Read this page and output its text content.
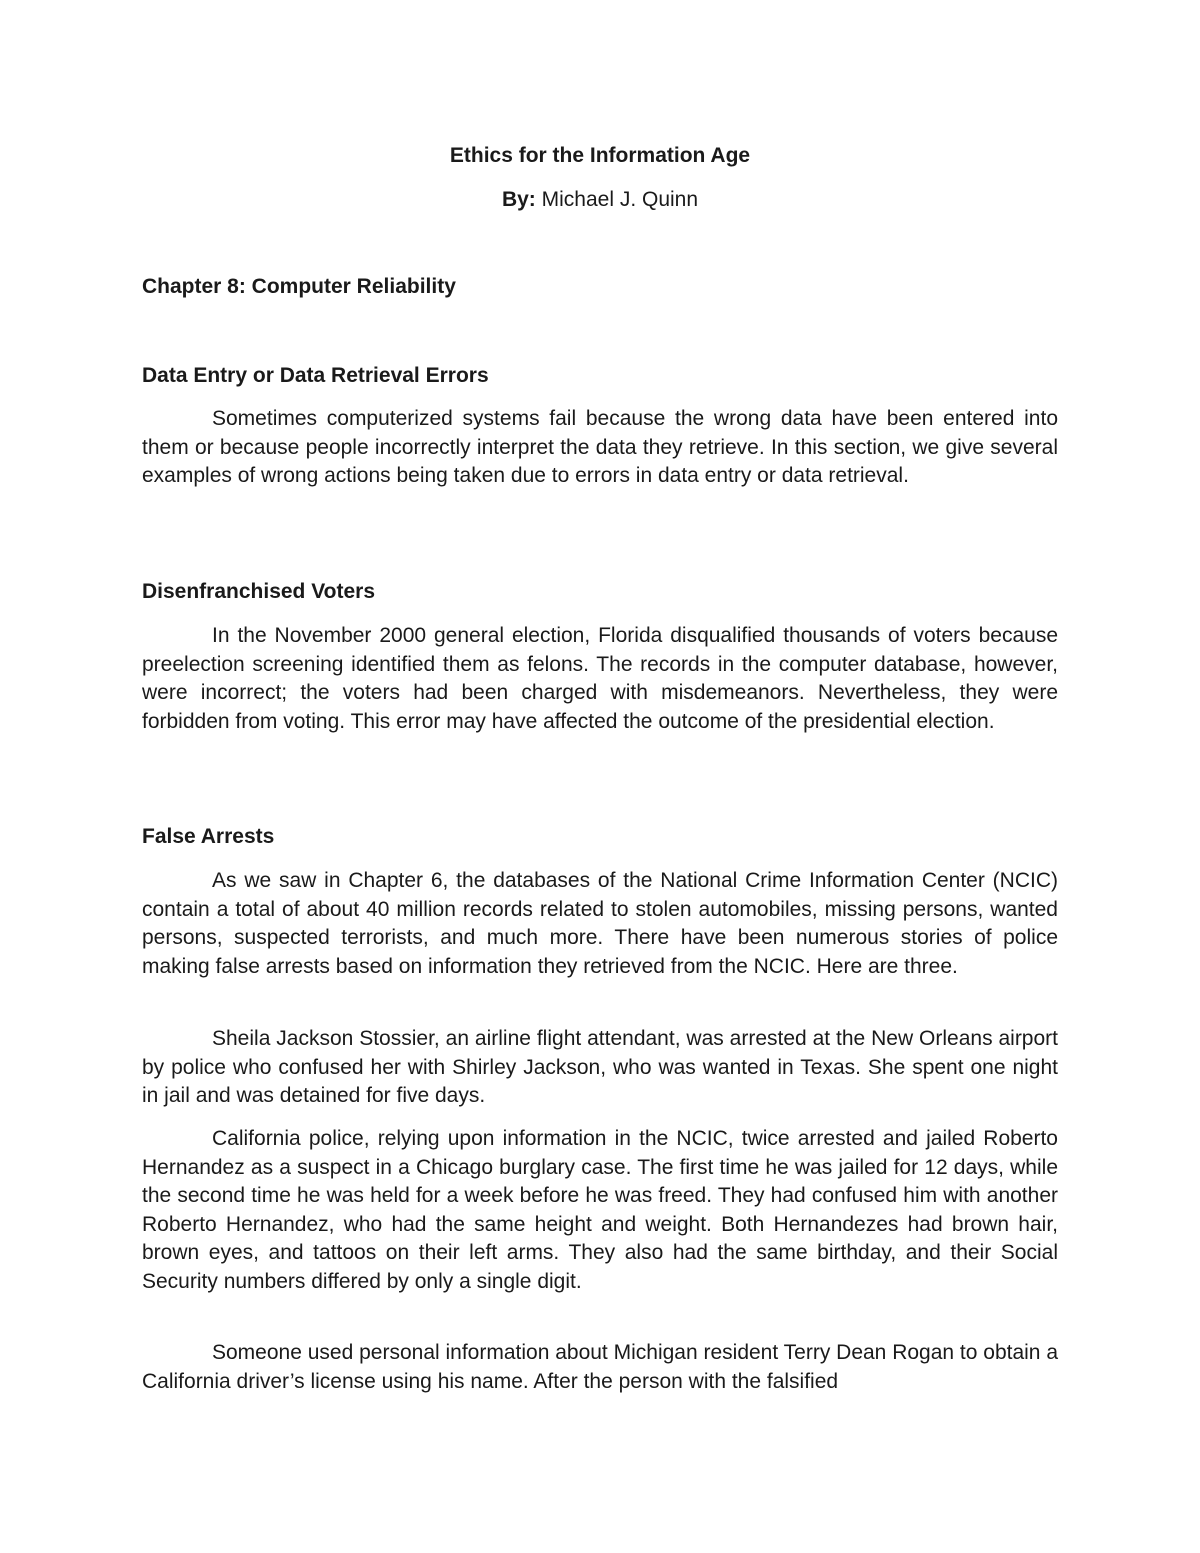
Ethics for the Information Age

By: Michael J. Quinn

Chapter 8: Computer Reliability
Data Entry or Data Retrieval Errors

Sometimes computerized systems fail because the wrong data have been entered into them or because people incorrectly interpret the data they retrieve. In this section, we give several examples of wrong actions being taken due to errors in data entry or data retrieval.

Disenfranchised Voters

In the November 2000 general election, Florida disqualified thousands of voters because preelection screening identified them as felons. The records in the computer database, however, were incorrect; the voters had been charged with misdemeanors. Nevertheless, they were forbidden from voting. This error may have affected the outcome of the presidential election.

False Arrests

As we saw in Chapter 6, the databases of the National Crime Information Center (NCIC) contain a total of about 40 million records related to stolen automobiles, missing persons, wanted persons, suspected terrorists, and much more. There have been numerous stories of police making false arrests based on information they retrieved from the NCIC. Here are three.

Sheila Jackson Stossier, an airline flight attendant, was arrested at the New Orleans airport by police who confused her with Shirley Jackson, who was wanted in Texas. She spent one night in jail and was detained for five days.

California police, relying upon information in the NCIC, twice arrested and jailed Roberto Hernandez as a suspect in a Chicago burglary case. The first time he was jailed for 12 days, while the second time he was held for a week before he was freed. They had confused him with another Roberto Hernandez, who had the same height and weight. Both Hernandezes had brown hair, brown eyes, and tattoos on their left arms. They also had the same birthday, and their Social Security numbers differed by only a single digit.

Someone used personal information about Michigan resident Terry Dean Rogan to obtain a California driver’s license using his name. After the person with the falsified
